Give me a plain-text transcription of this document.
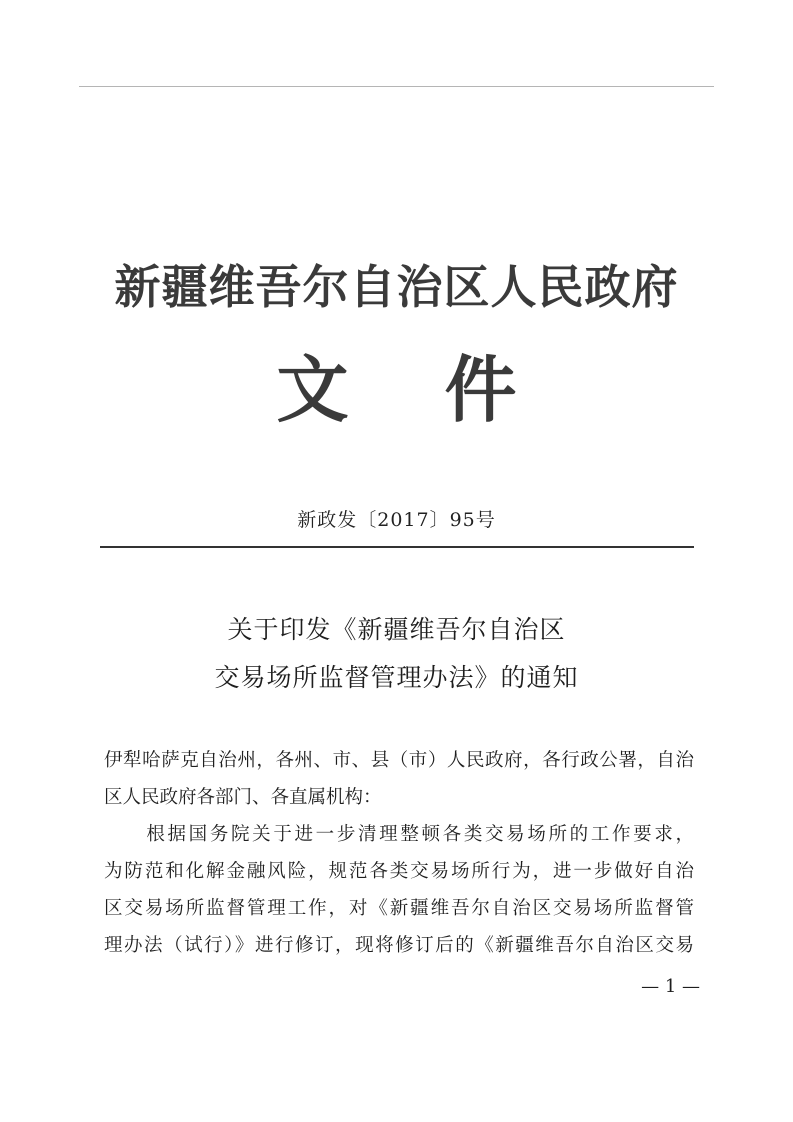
新疆维吾尔自治区人民政府
文件
新政发〔2017〕95号
关于印发《新疆维吾尔自治区
交易场所监督管理办法》的通知
伊犁哈萨克自治州，各州、市、县（市）人民政府，各行政公署，自治
区人民政府各部门、各直属机构：
　　根据国务院关于进一步清理整顿各类交易场所的工作要求，
为防范和化解金融风险，规范各类交易场所行为，进一步做好自治
区交易场所监督管理工作，对《新疆维吾尔自治区交易场所监督管
理办法（试行）》进行修订，现将修订后的《新疆维吾尔自治区交易
— 1 —
